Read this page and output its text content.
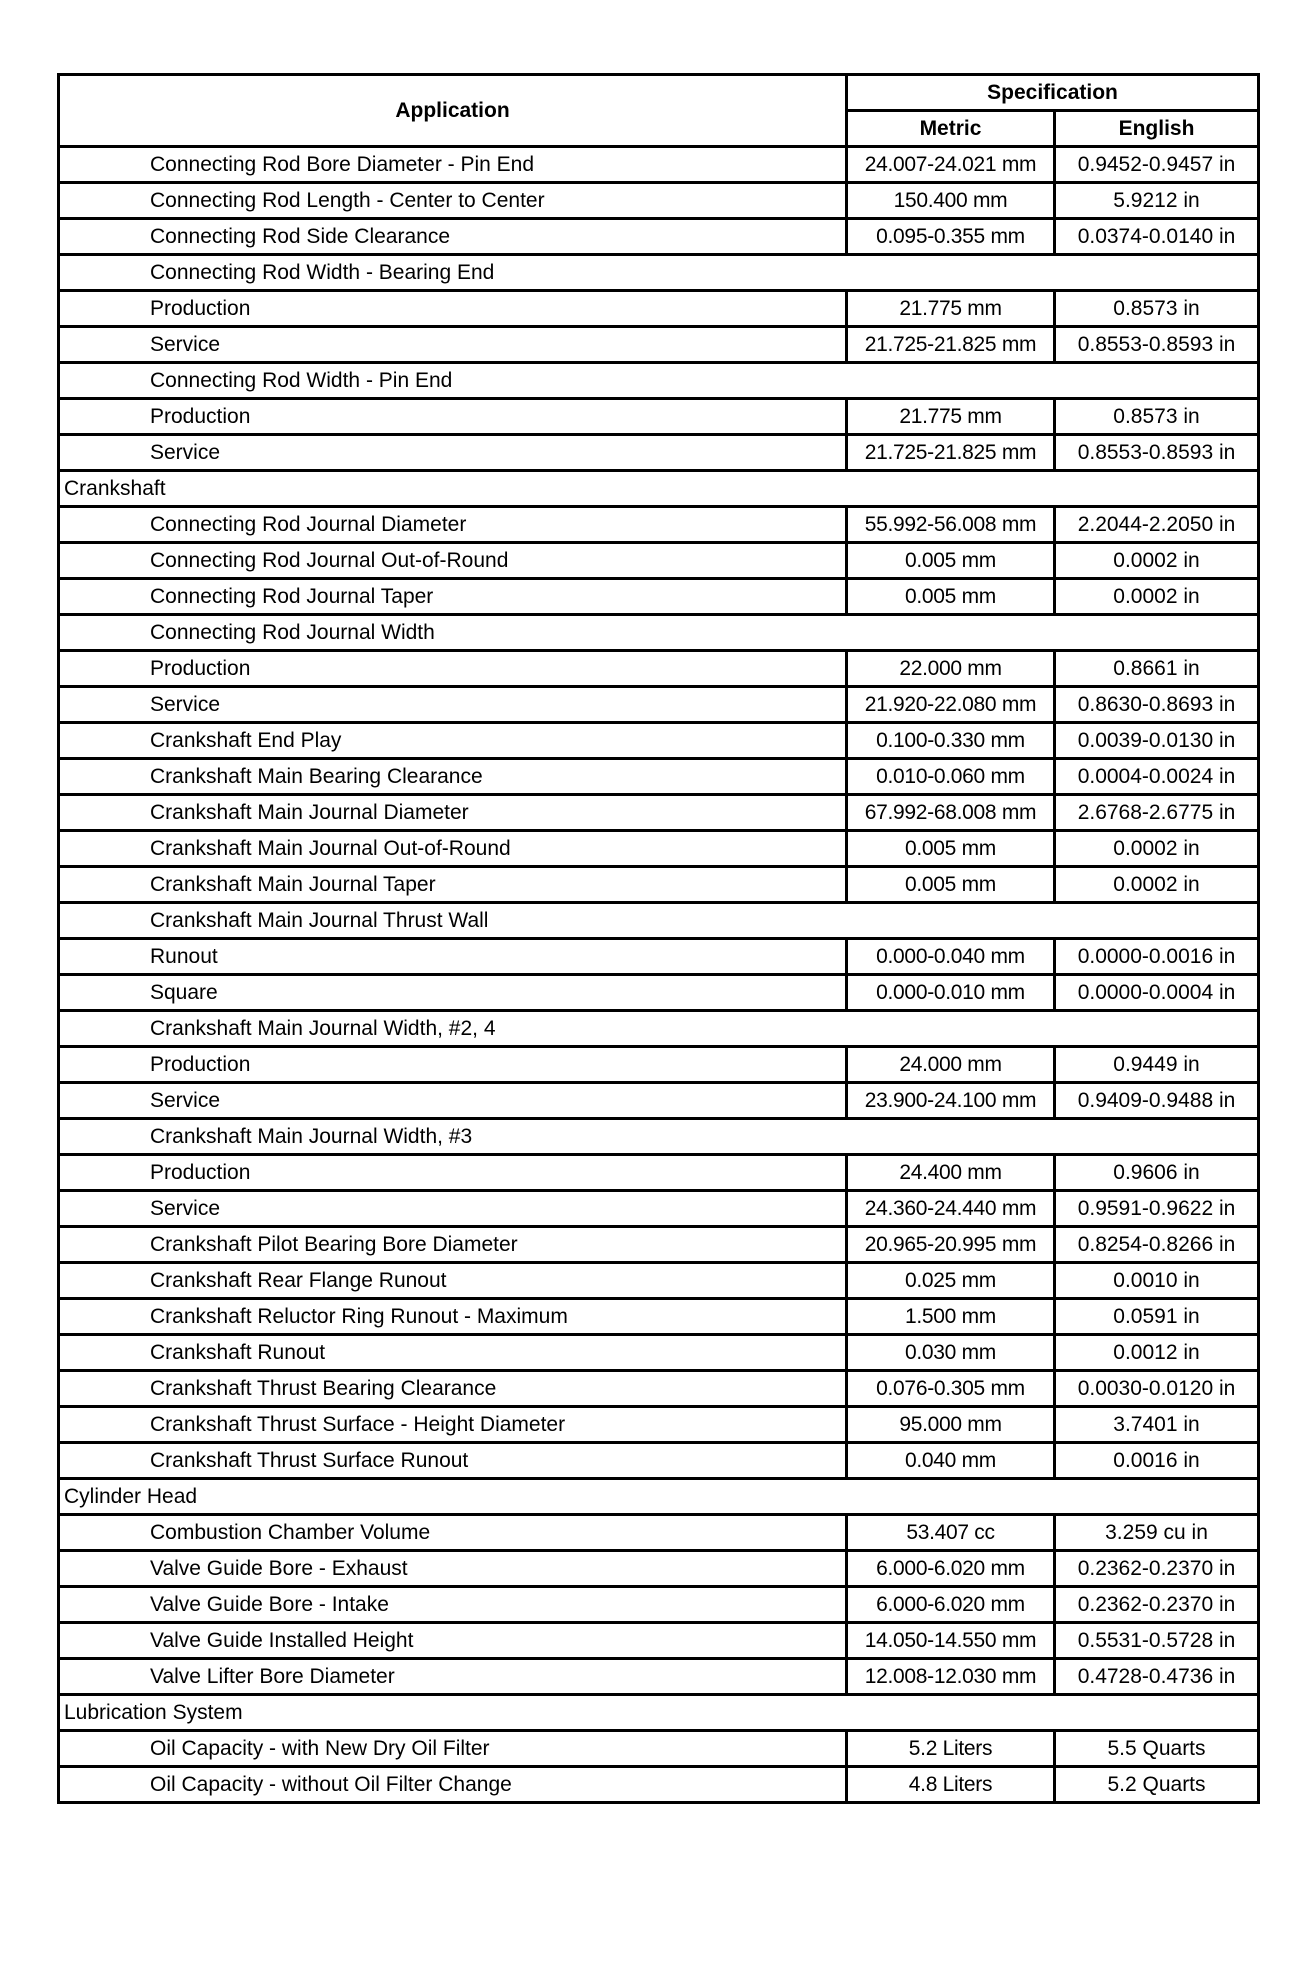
Application	Specification	
	Metric	English
Connecting Rod Bore Diameter - Pin End	24.007-24.021 mm	0.9452-0.9457 in
Connecting Rod Length - Center to Center	150.400 mm	5.9212 in
Connecting Rod Side Clearance	0.095-0.355 mm	0.0374-0.0140 in
Connecting Rod Width - Bearing End		
Production	21.775 mm	0.8573 in
Service	21.725-21.825 mm	0.8553-0.8593 in
Connecting Rod Width - Pin End		
Production	21.775 mm	0.8573 in
Service	21.725-21.825 mm	0.8553-0.8593 in
Crankshaft		
Connecting Rod Journal Diameter	55.992-56.008 mm	2.2044-2.2050 in
Connecting Rod Journal Out-of-Round	0.005 mm	0.0002 in
Connecting Rod Journal Taper	0.005 mm	0.0002 in
Connecting Rod Journal Width		
Production	22.000 mm	0.8661 in
Service	21.920-22.080 mm	0.8630-0.8693 in
Crankshaft End Play	0.100-0.330 mm	0.0039-0.0130 in
Crankshaft Main Bearing Clearance	0.010-0.060 mm	0.0004-0.0024 in
Crankshaft Main Journal Diameter	67.992-68.008 mm	2.6768-2.6775 in
Crankshaft Main Journal Out-of-Round	0.005 mm	0.0002 in
Crankshaft Main Journal Taper	0.005 mm	0.0002 in
Crankshaft Main Journal Thrust Wall		
Runout	0.000-0.040 mm	0.0000-0.0016 in
Square	0.000-0.010 mm	0.0000-0.0004 in
Crankshaft Main Journal Width, #2, 4		
Production	24.000 mm	0.9449 in
Service	23.900-24.100 mm	0.9409-0.9488 in
Crankshaft Main Journal Width, #3		
Production	24.400 mm	0.9606 in
Service	24.360-24.440 mm	0.9591-0.9622 in
Crankshaft Pilot Bearing Bore Diameter	20.965-20.995 mm	0.8254-0.8266 in
Crankshaft Rear Flange Runout	0.025 mm	0.0010 in
Crankshaft Reluctor Ring Runout - Maximum	1.500 mm	0.0591 in
Crankshaft Runout	0.030 mm	0.0012 in
Crankshaft Thrust Bearing Clearance	0.076-0.305 mm	0.0030-0.0120 in
Crankshaft Thrust Surface - Height Diameter	95.000 mm	3.7401 in
Crankshaft Thrust Surface Runout	0.040 mm	0.0016 in
Cylinder Head		
Combustion Chamber Volume	53.407 cc	3.259 cu in
Valve Guide Bore - Exhaust	6.000-6.020 mm	0.2362-0.2370 in
Valve Guide Bore - Intake	6.000-6.020 mm	0.2362-0.2370 in
Valve Guide Installed Height	14.050-14.550 mm	0.5531-0.5728 in
Valve Lifter Bore Diameter	12.008-12.030 mm	0.4728-0.4736 in
Lubrication System		
Oil Capacity - with New Dry Oil Filter	5.2 Liters	5.5 Quarts
Oil Capacity - without Oil Filter Change	4.8 Liters	5.2 Quarts
